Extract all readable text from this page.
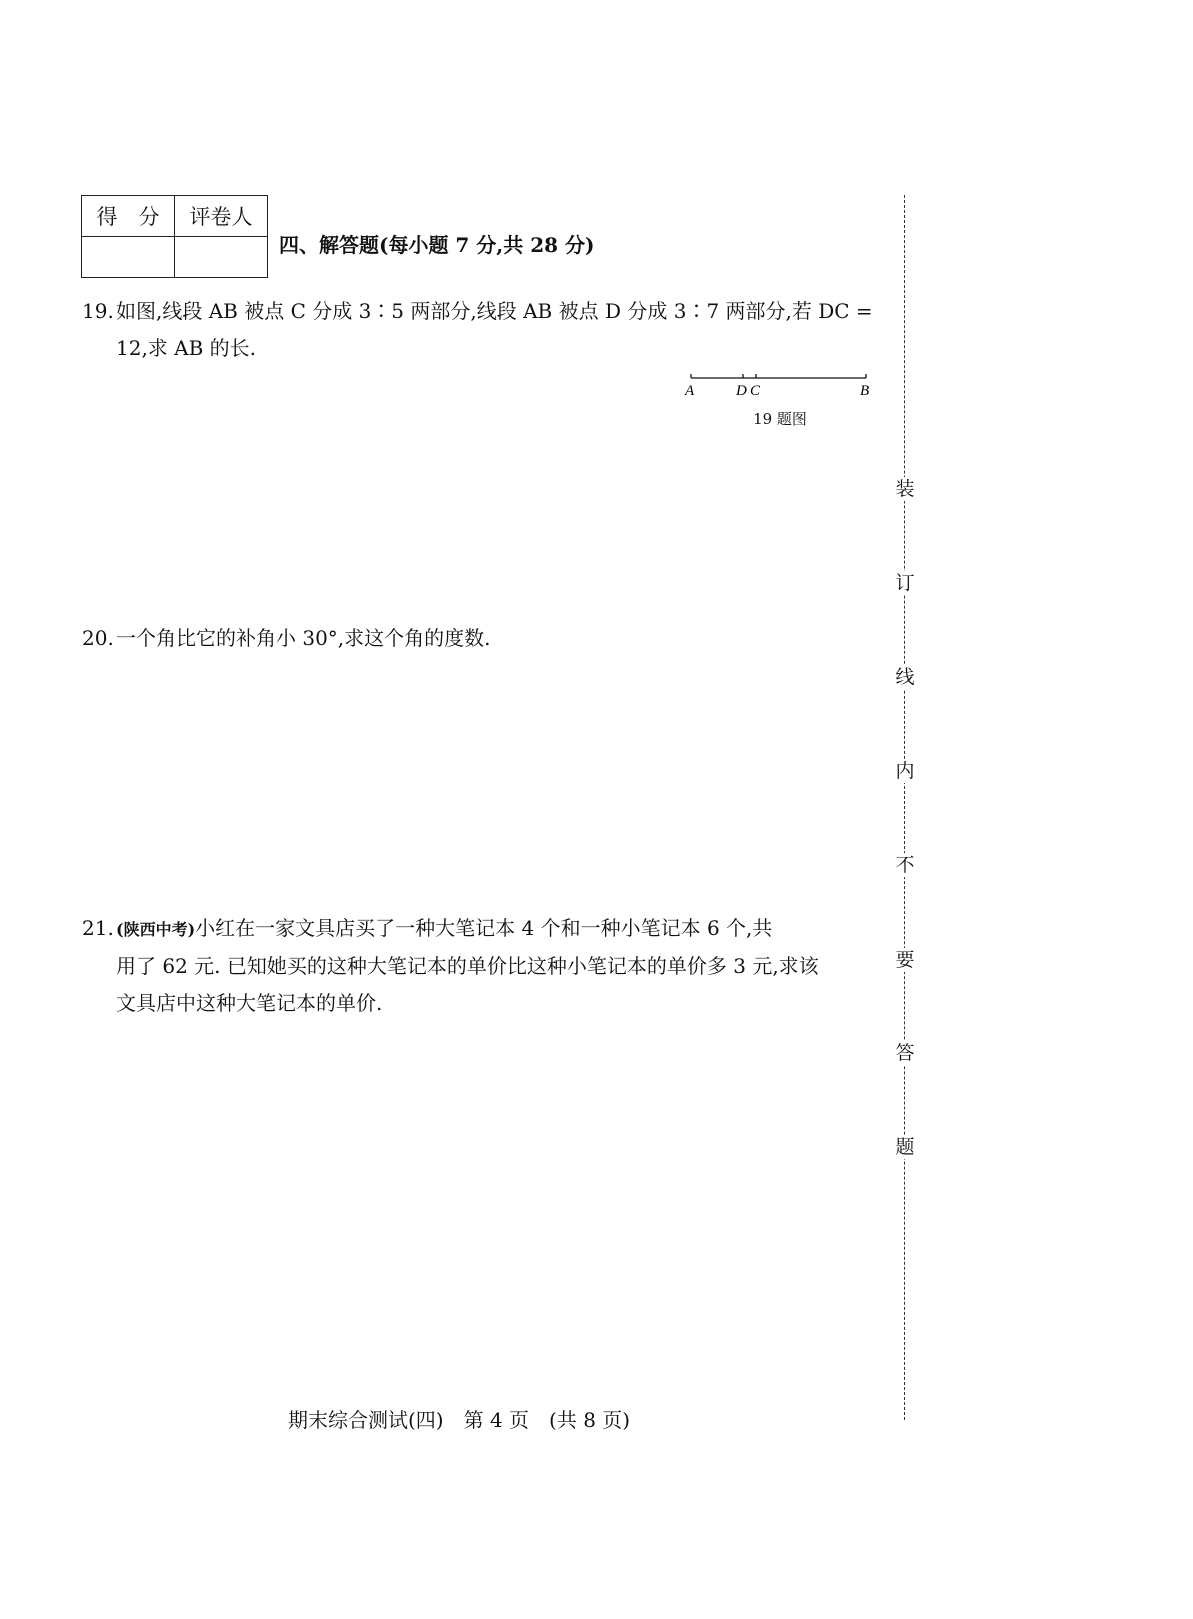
得　分	评卷人

四、解答题(每小题 7 分,共 28 分)
19. 如图,线段 AB 被点 C 分成 3∶5 两部分,线段 AB 被点 D 分成 3∶7 两部分,若 DC =
12,求 AB 的长.
A	D C	B
19 题图
20. 一个角比它的补角小 30°,求这个角的度数.
21. (陕西中考)小红在一家文具店买了一种大笔记本 4 个和一种小笔记本 6 个,共
用了 62 元. 已知她买的这种大笔记本的单价比这种小笔记本的单价多 3 元,求该
文具店中这种大笔记本的单价.
装
订
线
内
不
要
答
题
期末综合测试(四)　第 4 页　(共 8 页)
